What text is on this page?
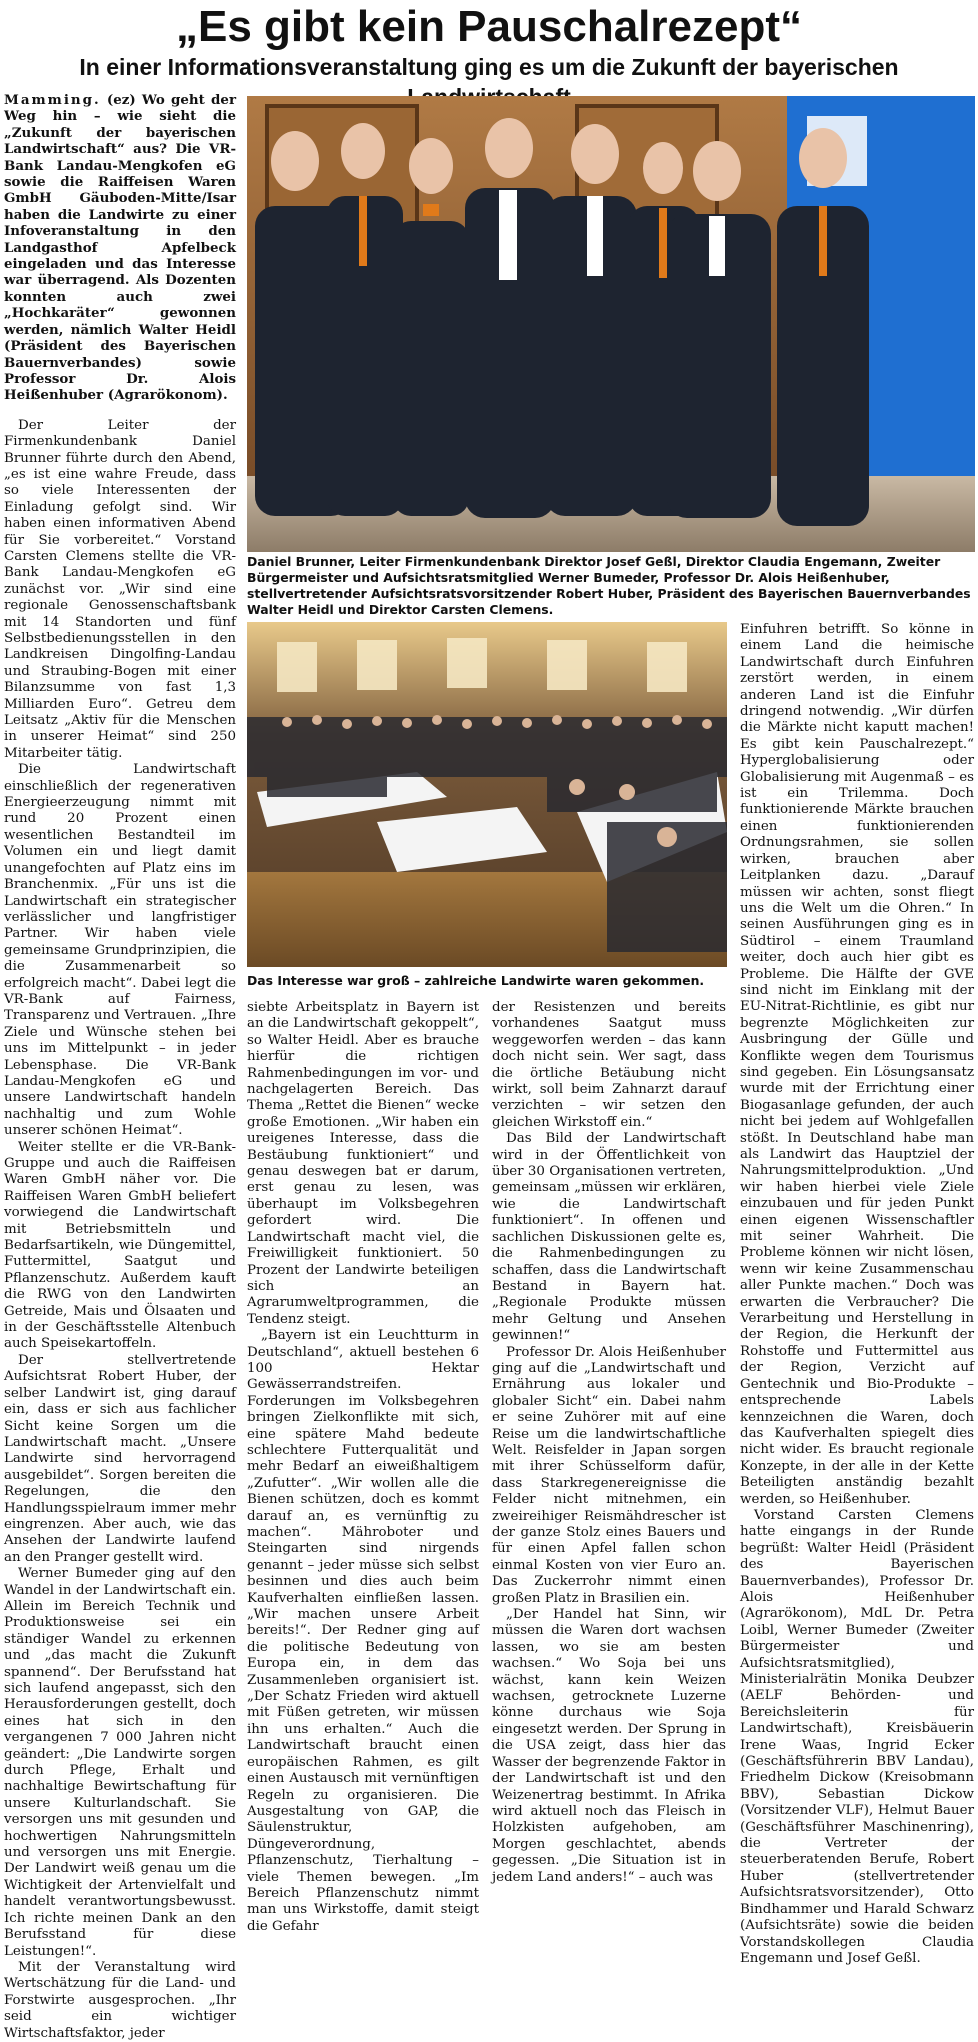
„Es gibt kein Pauschalrezept“
In einer Informationsveranstaltung ging es um die Zukunft der bayerischen

Mamming. (ez) Wo geht der Weg hin – wie sieht die „Zukunft der bayerischen Landwirtschaft“ aus? Die VR-Bank Landau-Mengkofen eG sowie die Raiffeisen Waren GmbH Gäuboden-Mitte/Isar haben die Landwirte zu einer Infoveranstaltung in den Landgasthof Apfelbeck eingeladen und das Interesse war überragend. Als Dozenten konnten auch zwei „Hochkaräter“ gewonnen werden, nämlich Walter Heidl (Präsident des Bayerischen Bauernverbandes) sowie Professor Dr. Alois Heißenhuber (Agrarökonom).

Der Leiter der Firmenkundenbank Daniel Brunner führte durch den Abend, „es ist eine wahre Freude, dass so viele Interessenten der Einladung gefolgt sind. Wir haben einen informativen Abend für Sie vorbereitet.“ Vorstand Carsten Clemens stellte die VR-Bank Landau-Mengkofen eG zunächst vor. „Wir sind eine regionale Genossenschaftsbank mit 14 Standorten und fünf Selbstbedienungsstellen in den Landkreisen Dingolfing-Landau und Straubing-Bogen mit einer Bilanzsumme von fast 1,3 Milliarden Euro“. Getreu dem Leitsatz „Aktiv für die Menschen in unserer Heimat“ sind 250 Mitarbeiter tätig.

Die Landwirtschaft einschließlich der regenerativen Energieerzeugung nimmt mit rund 20 Prozent einen wesentlichen Bestandteil im Volumen ein und liegt damit unangefochten auf Platz eins im Branchenmix. „Für uns ist die Landwirtschaft ein strategischer verlässlicher und langfristiger Partner. Wir haben viele gemeinsame Grundprinzipien, die die Zusammenarbeit so erfolgreich macht“. Dabei legt die VR-Bank auf Fairness, Transparenz und Vertrauen. „Ihre Ziele und Wünsche stehen bei uns im Mittelpunkt – in jeder Lebensphase. Die VR-Bank Landau-Mengkofen eG und unsere Landwirtschaft handeln nachhaltig und zum Wohle unserer schönen Heimat“.

Weiter stellte er die VR-Bank-Gruppe und auch die Raiffeisen Waren GmbH näher vor. Die Raiffeisen Waren GmbH beliefert vorwiegend die Landwirtschaft mit Betriebsmitteln und Bedarfsartikeln, wie Düngemittel, Futtermittel, Saatgut und Pflanzenschutz. Außerdem kauft die RWG von den Landwirten Getreide, Mais und Ölsaaten und in der Geschäftsstelle Altenbuch auch Speisekartoffeln.

Der stellvertretende Aufsichtsrat Robert Huber, der selber Landwirt ist, ging darauf ein, dass er sich aus fachlicher Sicht keine Sorgen um die Landwirtschaft macht. „Unsere Landwirte sind hervorragend ausgebildet“. Sorgen bereiten die Regelungen, die den Handlungsspielraum immer mehr eingrenzen. Aber auch, wie das Ansehen der Landwirte laufend an den Pranger gestellt wird.

Werner Bumeder ging auf den Wandel in der Landwirtschaft ein. Allein im Bereich Technik und Produktionsweise sei ein ständiger Wandel zu erkennen und „das macht die Zukunft spannend“. Der Berufsstand hat sich laufend angepasst, sich den Herausforderungen gestellt, doch eines hat sich in den vergangenen 7 000 Jahren nicht geändert: „Die Landwirte sorgen durch Pflege, Erhalt und nachhaltige Bewirtschaftung für unsere Kulturlandschaft. Sie versorgen uns mit gesunden und hochwertigen Nahrungsmitteln und versorgen uns mit Energie. Der Landwirt weiß genau um die Wichtigkeit der Artenvielfalt und handelt verantwortungsbewusst. Ich richte meinen Dank an den Berufsstand für diese Leistungen!“.

Mit der Veranstaltung wird Wertschätzung für die Land- und Forstwirte ausgesprochen. „Ihr seid ein wichtiger Wirtschaftsfaktor, jeder

Daniel Brunner, Leiter Firmenkundenbank Direktor Josef Geßl, Direktor Claudia Engemann, Zweiter Bürgermeister und Aufsichtsratsmitglied Werner Bumeder, Professor Dr. Alois Heißenhuber, stellvertretender Aufsichtsratsvorsitzender Robert Huber, Präsident des Bayerischen Bauernverbandes Walter Heidl und Direktor Carsten Clemens.
Das Interesse war groß – zahlreiche Landwirte waren gekommen.

siebte Arbeitsplatz in Bayern ist an die Landwirtschaft gekoppelt“, so Walter Heidl. Aber es brauche hierfür die richtigen Rahmenbedingungen im vor- und nachgelagerten Bereich. Das Thema „Rettet die Bienen“ wecke große Emotionen. „Wir haben ein ureigenes Interesse, dass die Bestäubung funktioniert“ und genau deswegen bat er darum, erst genau zu lesen, was überhaupt im Volksbegehren gefordert wird. Die Landwirtschaft macht viel, die Freiwilligkeit funktioniert. 50 Prozent der Landwirte beteiligen sich an Agrarumweltprogrammen, die Tendenz steigt.

„Bayern ist ein Leuchtturm in Deutschland“, aktuell bestehen 6 100 Hektar Gewässerrandstreifen. Forderungen im Volksbegehren bringen Zielkonflikte mit sich, eine spätere Mahd bedeute schlechtere Futterqualität und mehr Bedarf an eiweißhaltigem „Zufutter“. „Wir wollen alle die Bienen schützen, doch es kommt darauf an, es vernünftig zu machen“. Mähroboter und Steingarten sind nirgends genannt – jeder müsse sich selbst besinnen und dies auch beim Kaufverhalten einfließen lassen. „Wir machen unsere Arbeit bereits!“. Der Redner ging auf die politische Bedeutung von Europa ein, in dem das Zusammenleben organisiert ist. „Der Schatz Frieden wird aktuell mit Füßen getreten, wir müssen ihn uns erhalten.“ Auch die Landwirtschaft braucht einen europäischen Rahmen, es gilt einen Austausch mit vernünftigen Regeln zu organisieren. Die Ausgestaltung von GAP, die Säulenstruktur, Düngeverordnung, Pflanzenschutz, Tierhaltung – viele Themen bewegen. „Im Bereich Pflanzenschutz nimmt man uns Wirkstoffe, damit steigt die Gefahr

der Resistenzen und bereits vorhandenes Saatgut muss weggeworfen werden – das kann doch nicht sein. Wer sagt, dass die örtliche Betäubung nicht wirkt, soll beim Zahnarzt darauf verzichten – wir setzen den gleichen Wirkstoff ein.“

Das Bild der Landwirtschaft wird in der Öffentlichkeit von über 30 Organisationen vertreten, gemeinsam „müssen wir erklären, wie die Landwirtschaft funktioniert“. In offenen und sachlichen Diskussionen gelte es, die Rahmenbedingungen zu schaffen, dass die Landwirtschaft Bestand in Bayern hat. „Regionale Produkte müssen mehr Geltung und Ansehen gewinnen!“

Professor Dr. Alois Heißenhuber ging auf die „Landwirtschaft und Ernährung aus lokaler und globaler Sicht“ ein. Dabei nahm er seine Zuhörer mit auf eine Reise um die landwirtschaftliche Welt. Reisfelder in Japan sorgen mit ihrer Schüsselform dafür, dass Starkregenereignisse die Felder nicht mitnehmen, ein zweireihiger Reismähdrescher ist der ganze Stolz eines Bauers und für einen Apfel fallen schon einmal Kosten von vier Euro an. Das Zuckerrohr nimmt einen großen Platz in Brasilien ein.

„Der Handel hat Sinn, wir müssen die Waren dort wachsen lassen, wo sie am besten wachsen.“ Wo Soja bei uns wächst, kann kein Weizen wachsen, getrocknete Luzerne könne durchaus wie Soja eingesetzt werden. Der Sprung in die USA zeigt, dass hier das Wasser der begrenzende Faktor in der Landwirtschaft ist und den Weizenertrag bestimmt. In Afrika wird aktuell noch das Fleisch in Holzkisten aufgehoben, am Morgen geschlachtet, abends gegessen. „Die Situation ist in jedem Land anders!“ – auch was

Einfuhren betrifft. So könne in einem Land die heimische Landwirtschaft durch Einfuhren zerstört werden, in einem anderen Land ist die Einfuhr dringend notwendig. „Wir dürfen die Märkte nicht kaputt machen! Es gibt kein Pauschalrezept.“ Hyperglobalisierung oder Globalisierung mit Augenmaß – es ist ein Trilemma. Doch funktionierende Märkte brauchen einen funktionierenden Ordnungsrahmen, sie sollen wirken, brauchen aber Leitplanken dazu. „Darauf müssen wir achten, sonst fliegt uns die Welt um die Ohren.“ In seinen Ausführungen ging es in Südtirol – einem Traumland weiter, doch auch hier gibt es Probleme. Die Hälfte der GVE sind nicht im Einklang mit der EU-Nitrat-Richtlinie, es gibt nur begrenzte Möglichkeiten zur Ausbringung der Gülle und Konflikte wegen dem Tourismus sind gegeben. Ein Lösungsansatz wurde mit der Errichtung einer Biogasanlage gefunden, der auch nicht bei jedem auf Wohlgefallen stößt. In Deutschland habe man als Landwirt das Hauptziel der Nahrungsmittelproduktion. „Und wir haben hierbei viele Ziele einzubauen und für jeden Punkt einen eigenen Wissenschaftler mit seiner Wahrheit. Die Probleme können wir nicht lösen, wenn wir keine Zusammenschau aller Punkte machen.“ Doch was erwarten die Verbraucher? Die Verarbeitung und Herstellung in der Region, die Herkunft der Rohstoffe und Futtermittel aus der Region, Verzicht auf Gentechnik und Bio-Produkte – entsprechende Labels kennzeichnen die Waren, doch das Kaufverhalten spiegelt dies nicht wider. Es braucht regionale Konzepte, in der alle in der Kette Beteiligten anständig bezahlt werden, so Heißenhuber.

Vorstand Carsten Clemens hatte eingangs in der Runde begrüßt: Walter Heidl (Präsident des Bayerischen Bauernverbandes), Professor Dr. Alois Heißenhuber (Agrarökonom), MdL Dr. Petra Loibl, Werner Bumeder (Zweiter Bürgermeister und Aufsichtsratsmitglied), Ministerialrätin Monika Deubzer (AELF Behörden- und Bereichsleiterin für Landwirtschaft), Kreisbäuerin Irene Waas, Ingrid Ecker (Geschäftsführerin BBV Landau), Friedhelm Dickow (Kreisobmann BBV), Sebastian Dickow (Vorsitzender VLF), Helmut Bauer (Geschäftsführer Maschinenring), die Vertreter der steuerberatenden Berufe, Robert Huber (stellvertretender Aufsichtsratsvorsitzender), Otto Bindhammer und Harald Schwarz (Aufsichtsräte) sowie die beiden Vorstandskollegen Claudia Engemann und Josef Geßl.
